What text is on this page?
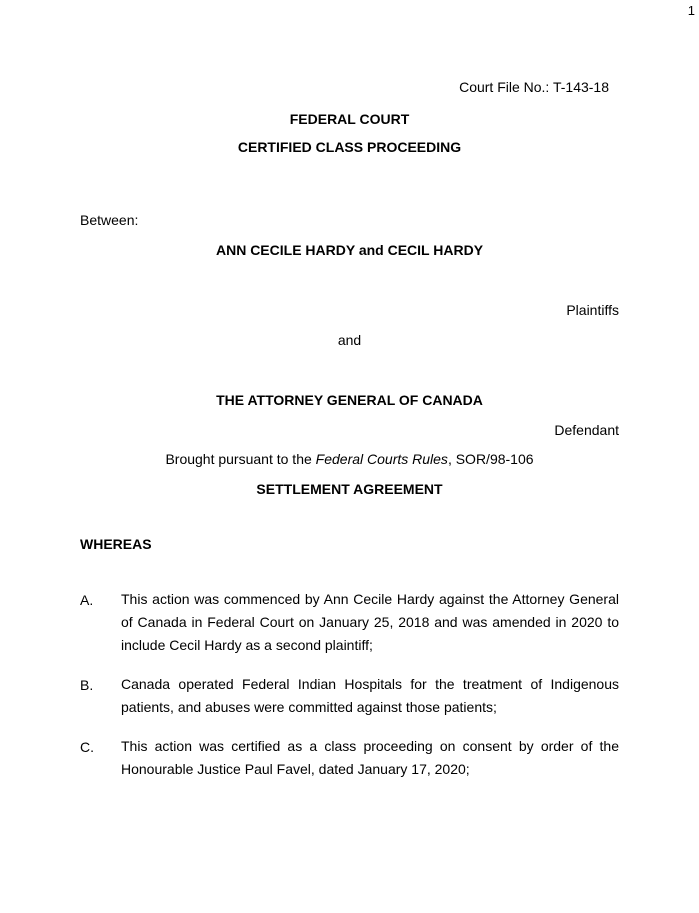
1
Court File No.: T-143-18
FEDERAL COURT
CERTIFIED CLASS PROCEEDING
Between:
ANN CECILE HARDY and CECIL HARDY
Plaintiffs
and
THE ATTORNEY GENERAL OF CANADA
Defendant
Brought pursuant to the Federal Courts Rules, SOR/98-106
SETTLEMENT AGREEMENT
WHEREAS
A. This action was commenced by Ann Cecile Hardy against the Attorney General of Canada in Federal Court on January 25, 2018 and was amended in 2020 to include Cecil Hardy as a second plaintiff;
B. Canada operated Federal Indian Hospitals for the treatment of Indigenous patients, and abuses were committed against those patients;
C. This action was certified as a class proceeding on consent by order of the Honourable Justice Paul Favel, dated January 17, 2020;
